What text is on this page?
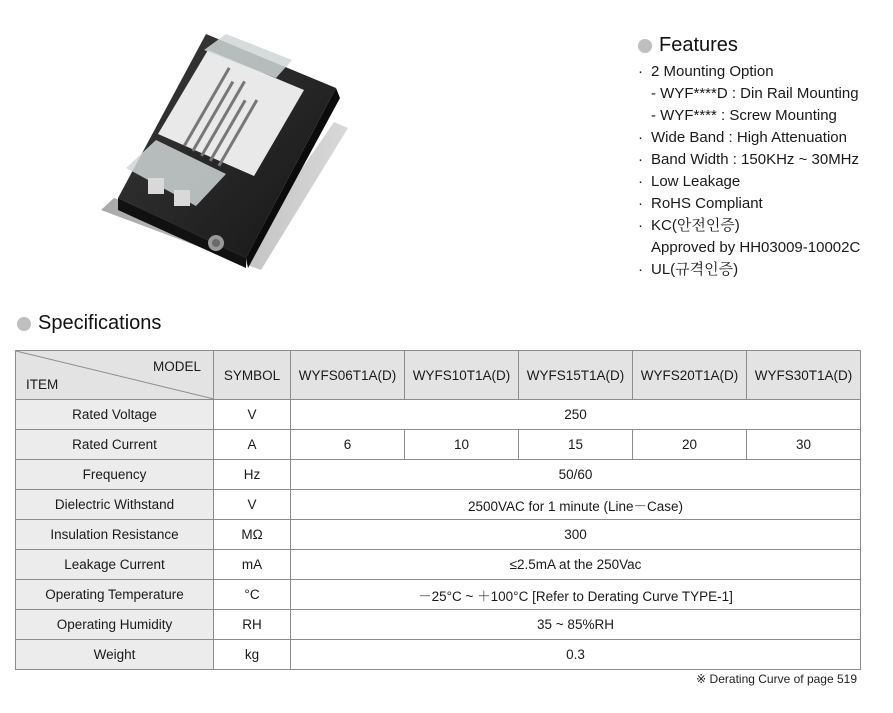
Features
· 2 Mounting Option
- WYF****D : Din Rail Mounting
- WYF**** : Screw Mounting
· Wide Band : High Attenuation
· Band Width : 150KHz ~ 30MHz
· Low Leakage
· RoHS Compliant
· KC(안전인증)
Approved by HH03009-10002C
· UL(규격인증)
Specifications
MODEL
ITEM	SYMBOL	WYFS06T1A(D)	WYFS10T1A(D)	WYFS15T1A(D)	WYFS20T1A(D)	WYFS30T1A(D)
Rated Voltage	V	250				
Rated Current	A	6	10	15	20	30
Frequency	Hz	50/60				
Dielectric Withstand	V	2500VAC for 1 minute (Line－Case)				
Insulation Resistance	MΩ	300				
Leakage Current	mA	≤2.5mA at the 250Vac				
Operating Temperature	°C	－25°C ~ ＋100°C [Refer to Derating Curve TYPE-1]				
Operating Humidity	RH	35 ~ 85%RH				
Weight	kg	0.3				
※ Derating Curve of page 519
